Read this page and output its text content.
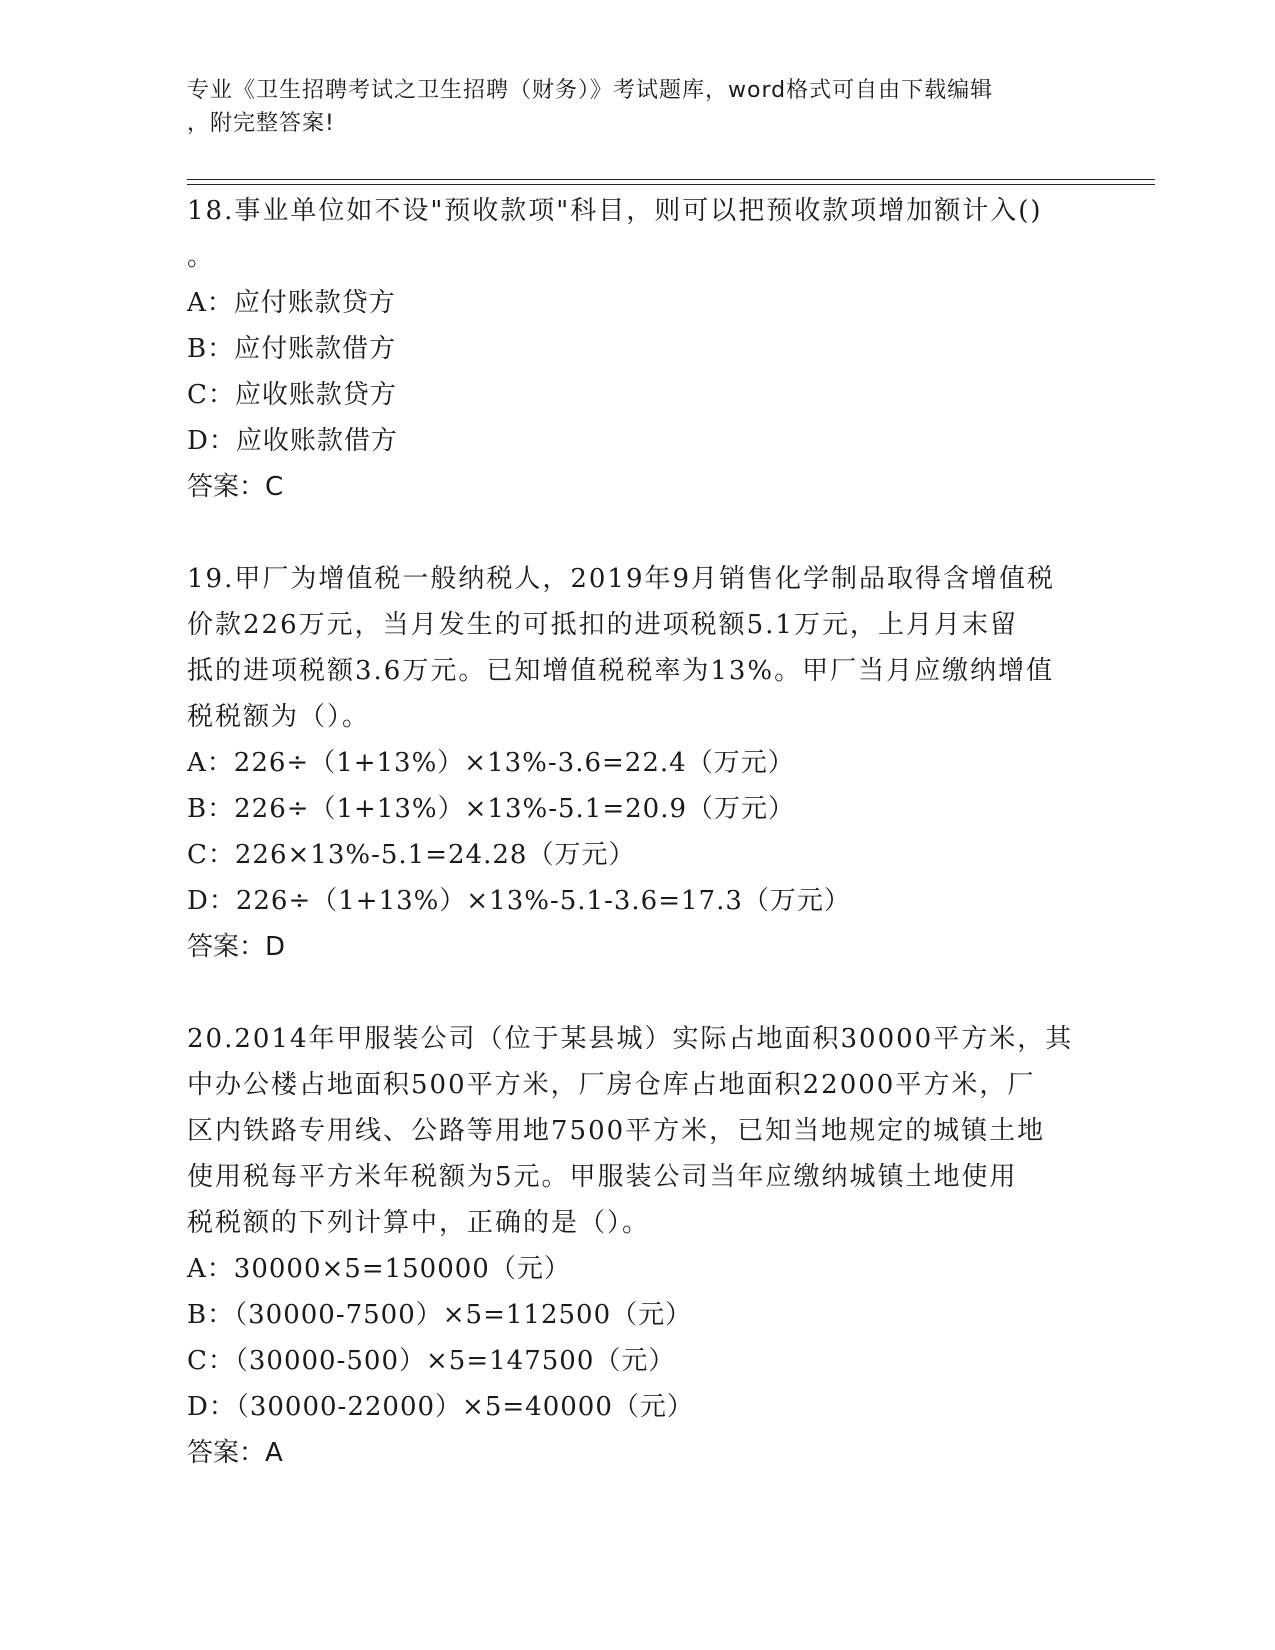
专业《卫生招聘考试之卫生招聘（财务）》考试题库，word格式可自由下载编辑
，附完整答案!

18.事业单位如不设"预收款项"科目，则可以把预收款项增加额计入()

。

A：应付账款贷方

B：应付账款借方

C：应收账款贷方

D：应收账款借方

答案：C

19.甲厂为增值税一般纳税人，2019年9月销售化学制品取得含增值税

价款226万元，当月发生的可抵扣的进项税额5.1万元，上月月末留

抵的进项税额3.6万元。已知增值税税率为13%。甲厂当月应缴纳增值

税税额为（）。

A：226÷（1+13%）×13%-3.6=22.4（万元）

B：226÷（1+13%）×13%-5.1=20.9（万元）

C：226×13%-5.1=24.28（万元）

D：226÷（1+13%）×13%-5.1-3.6=17.3（万元）

答案：D

20.2014年甲服装公司（位于某县城）实际占地面积30000平方米，其

中办公楼占地面积500平方米，厂房仓库占地面积22000平方米，厂

区内铁路专用线、公路等用地7500平方米，已知当地规定的城镇土地

使用税每平方米年税额为5元。甲服装公司当年应缴纳城镇土地使用

税税额的下列计算中，正确的是（）。

A：30000×5=150000（元）

B：（30000-7500）×5=112500（元）

C：（30000-500）×5=147500（元）

D：（30000-22000）×5=40000（元）

答案：A
